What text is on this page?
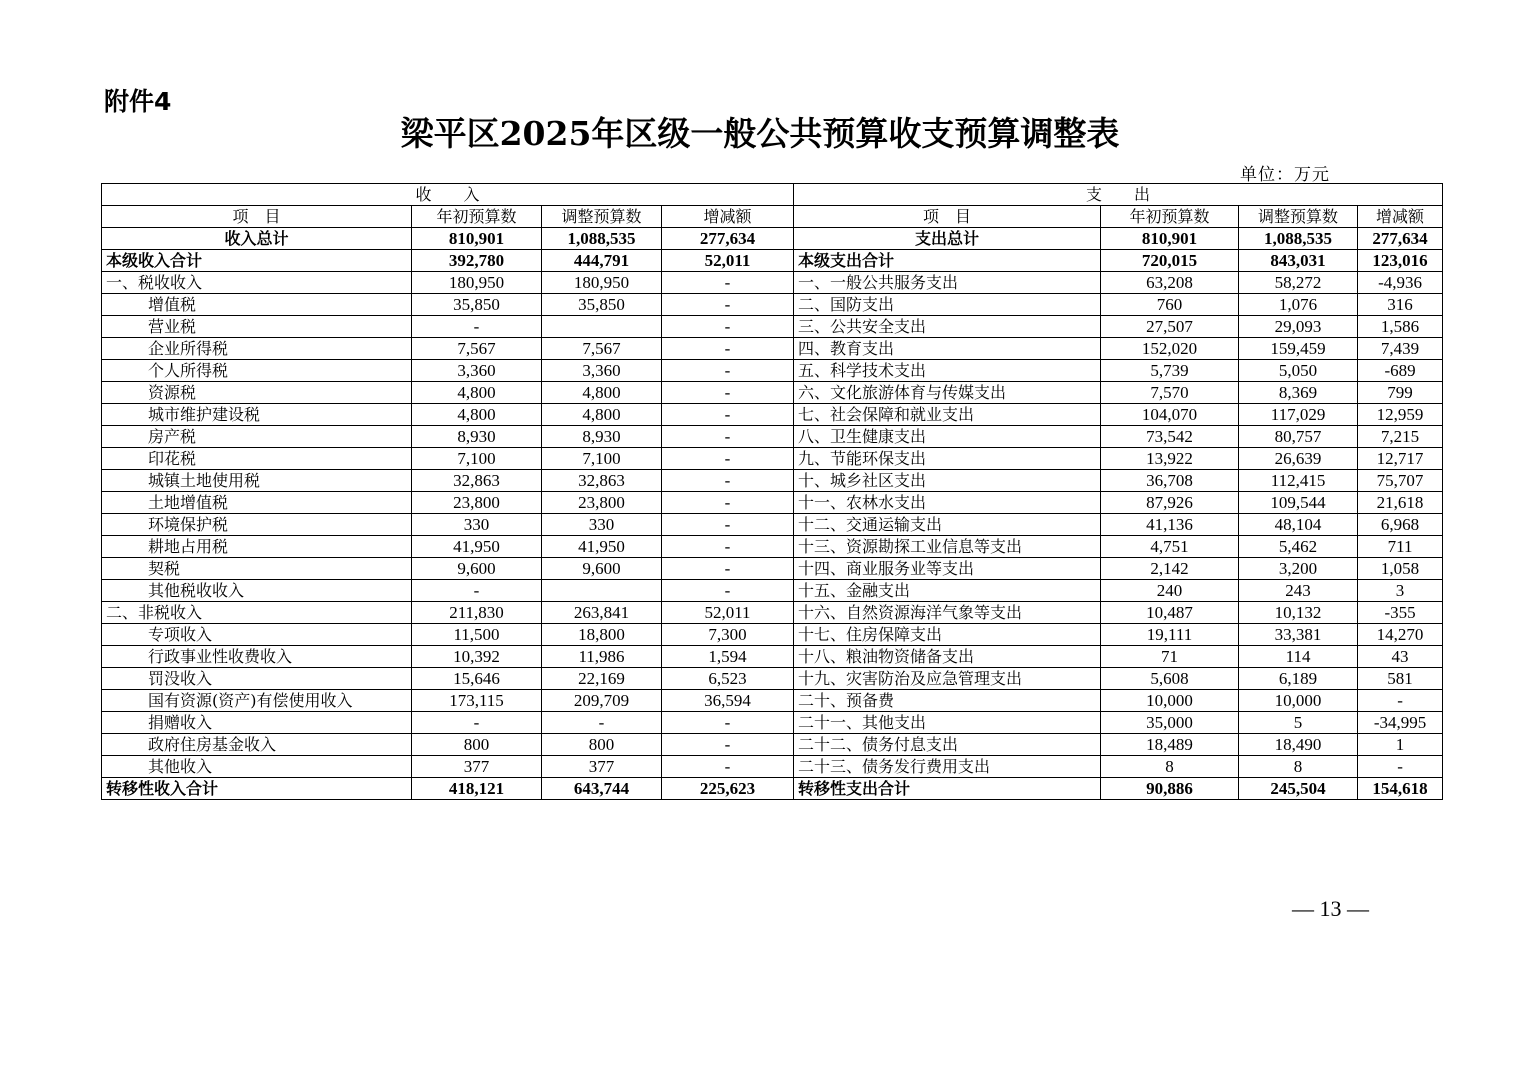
附件4
梁平区2025年区级一般公共预算收支预算调整表
单位：万元
收　　入				支　　出			
项　目	年初预算数	调整预算数	增减额	项　目	年初预算数	调整预算数	增减额
收入总计	810,901	1,088,535	277,634	支出总计	810,901	1,088,535	277,634
本级收入合计	392,780	444,791	52,011	本级支出合计	720,015	843,031	123,016
一、税收收入	180,950	180,950	-	一、一般公共服务支出	63,208	58,272	-4,936
增值税	35,850	35,850	-	二、国防支出	760	1,076	316
营业税	-		-	三、公共安全支出	27,507	29,093	1,586
企业所得税	7,567	7,567	-	四、教育支出	152,020	159,459	7,439
个人所得税	3,360	3,360	-	五、科学技术支出	5,739	5,050	-689
资源税	4,800	4,800	-	六、文化旅游体育与传媒支出	7,570	8,369	799
城市维护建设税	4,800	4,800	-	七、社会保障和就业支出	104,070	117,029	12,959
房产税	8,930	8,930	-	八、卫生健康支出	73,542	80,757	7,215
印花税	7,100	7,100	-	九、节能环保支出	13,922	26,639	12,717
城镇土地使用税	32,863	32,863	-	十、城乡社区支出	36,708	112,415	75,707
土地增值税	23,800	23,800	-	十一、农林水支出	87,926	109,544	21,618
环境保护税	330	330	-	十二、交通运输支出	41,136	48,104	6,968
耕地占用税	41,950	41,950	-	十三、资源勘探工业信息等支出	4,751	5,462	711
契税	9,600	9,600	-	十四、商业服务业等支出	2,142	3,200	1,058
其他税收收入	-		-	十五、金融支出	240	243	3
二、非税收入	211,830	263,841	52,011	十六、自然资源海洋气象等支出	10,487	10,132	-355
专项收入	11,500	18,800	7,300	十七、住房保障支出	19,111	33,381	14,270
行政事业性收费收入	10,392	11,986	1,594	十八、粮油物资储备支出	71	114	43
罚没收入	15,646	22,169	6,523	十九、灾害防治及应急管理支出	5,608	6,189	581
国有资源(资产)有偿使用收入	173,115	209,709	36,594	二十、预备费	10,000	10,000	-
捐赠收入	-	-	-	二十一、其他支出	35,000	5	-34,995
政府住房基金收入	800	800	-	二十二、债务付息支出	18,489	18,490	1
其他收入	377	377	-	二十三、债务发行费用支出	8	8	-
转移性收入合计	418,121	643,744	225,623	转移性支出合计	90,886	245,504	154,618
— 13 —
